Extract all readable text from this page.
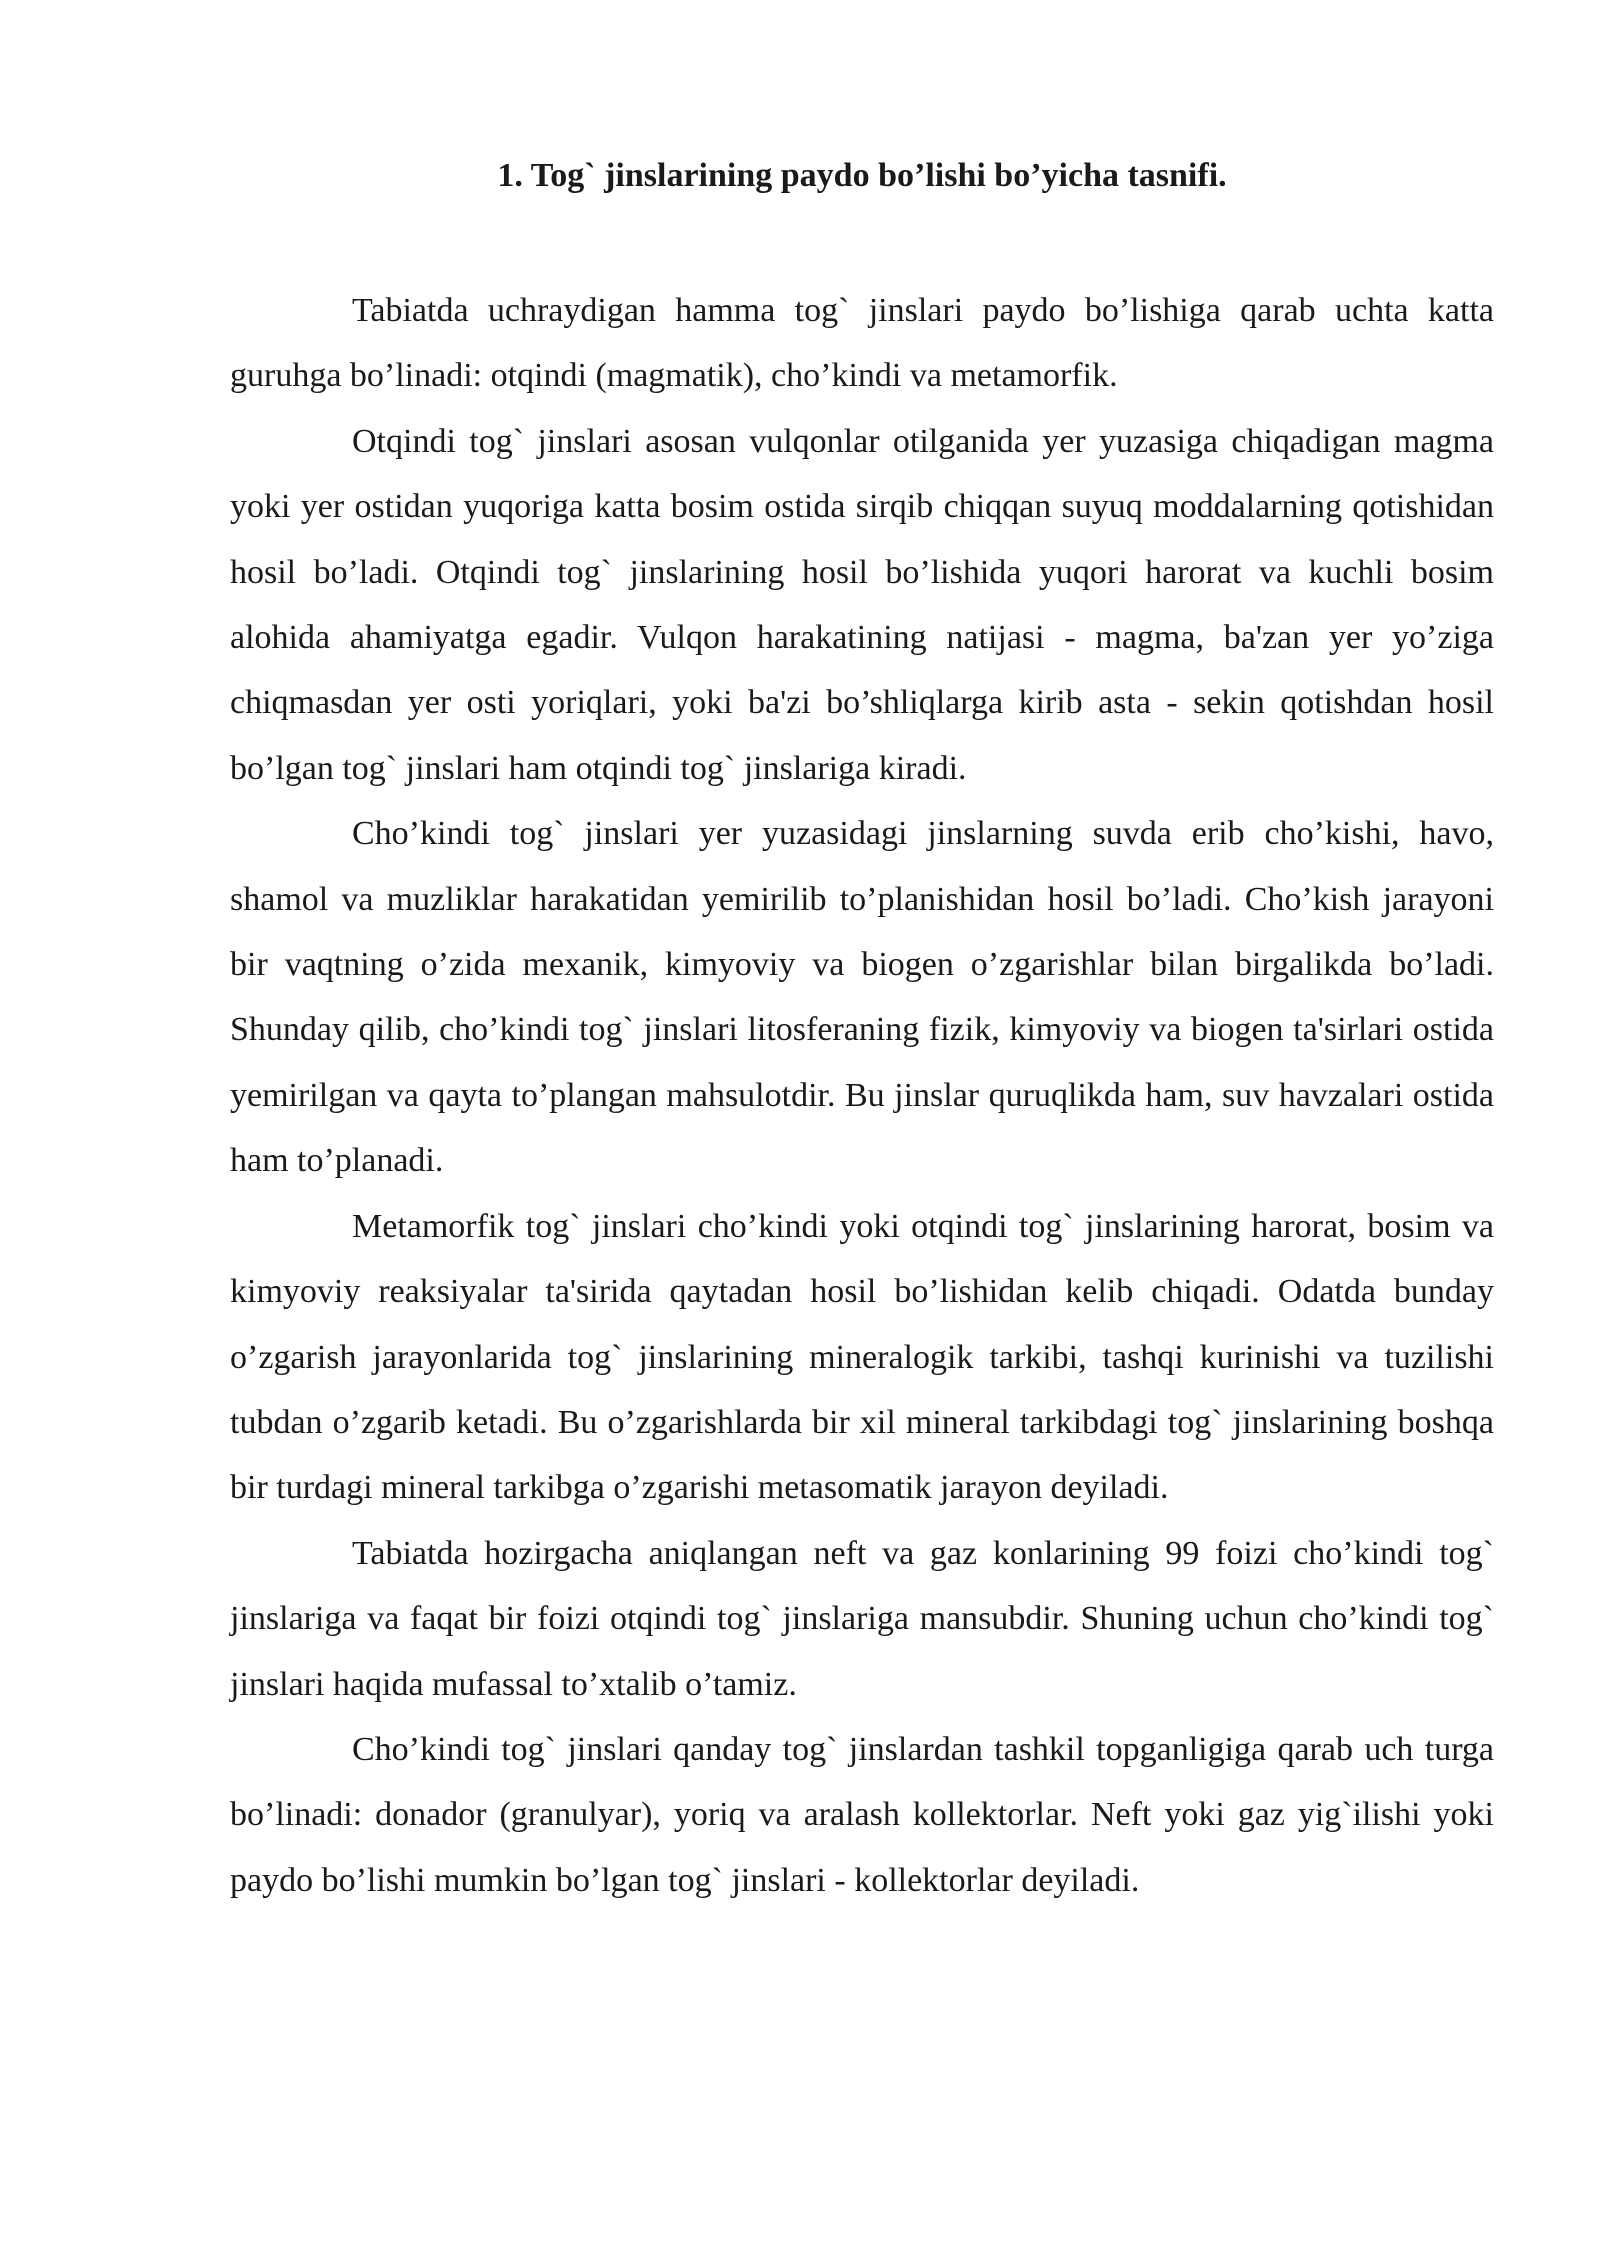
1. Tog` jinslarining paydo bo’lishi bo’yicha tasnifi.

Tabiatda uchraydigan hamma tog` jinslari paydo bo’lishiga qarab uchta katta guruhga bo’linadi: otqindi (magmatik), cho’kindi va metamorfik.

Otqindi tog` jinslari asosan vulqonlar otilganida yer yuzasiga chiqadigan magma yoki yer ostidan yuqoriga katta bosim ostida sirqib chiqqan suyuq moddalarning qotishidan hosil bo’ladi. Otqindi tog` jinslarining hosil bo’lishida yuqori harorat va kuchli bosim alohida ahamiyatga egadir. Vulqon harakatining natijasi - magma, ba'zan yer yo’ziga chiqmasdan yer osti yoriqlari, yoki ba'zi bo’shliqlarga kirib asta - sekin qotishdan hosil bo’lgan tog` jinslari ham otqindi tog` jinslariga kiradi.

Cho’kindi tog` jinslari yer yuzasidagi jinslarning suvda erib cho’kishi, havo, shamol va muzliklar harakatidan yemirilib to’planishidan hosil bo’ladi. Cho’kish jarayoni bir vaqtning o’zida mexanik, kimyoviy va biogen o’zgarishlar bilan birgalikda bo’ladi. Shunday qilib, cho’kindi tog` jinslari litosferaning fizik, kimyoviy va biogen ta'sirlari ostida yemirilgan va qayta to’plangan mahsulotdir. Bu jinslar quruqlikda ham, suv havzalari ostida ham to’planadi.

Metamorfik tog` jinslari cho’kindi yoki otqindi tog` jinslarining harorat, bosim va kimyoviy reaksiyalar ta'sirida qaytadan hosil bo’lishidan kelib chiqadi. Odatda bunday o’zgarish jarayonlarida tog` jinslarining mineralogik tarkibi, tashqi kurinishi va tuzilishi tubdan o’zgarib ketadi. Bu o’zgarishlarda bir xil mineral tarkibdagi tog` jinslarining boshqa bir turdagi mineral tarkibga o’zgarishi metasomatik jarayon deyiladi.

Tabiatda hozirgacha aniqlangan neft va gaz konlarining 99 foizi cho’kindi tog` jinslariga va faqat bir foizi otqindi tog` jinslariga mansubdir. Shuning uchun cho’kindi tog` jinslari haqida mufassal to’xtalib o’tamiz.

Cho’kindi tog` jinslari qanday tog` jinslardan tashkil topganligiga qarab uch turga bo’linadi: donador (granulyar), yoriq va aralash kollektorlar. Neft yoki gaz yig`ilishi yoki paydo bo’lishi mumkin bo’lgan tog` jinslari - kollektorlar deyiladi.
